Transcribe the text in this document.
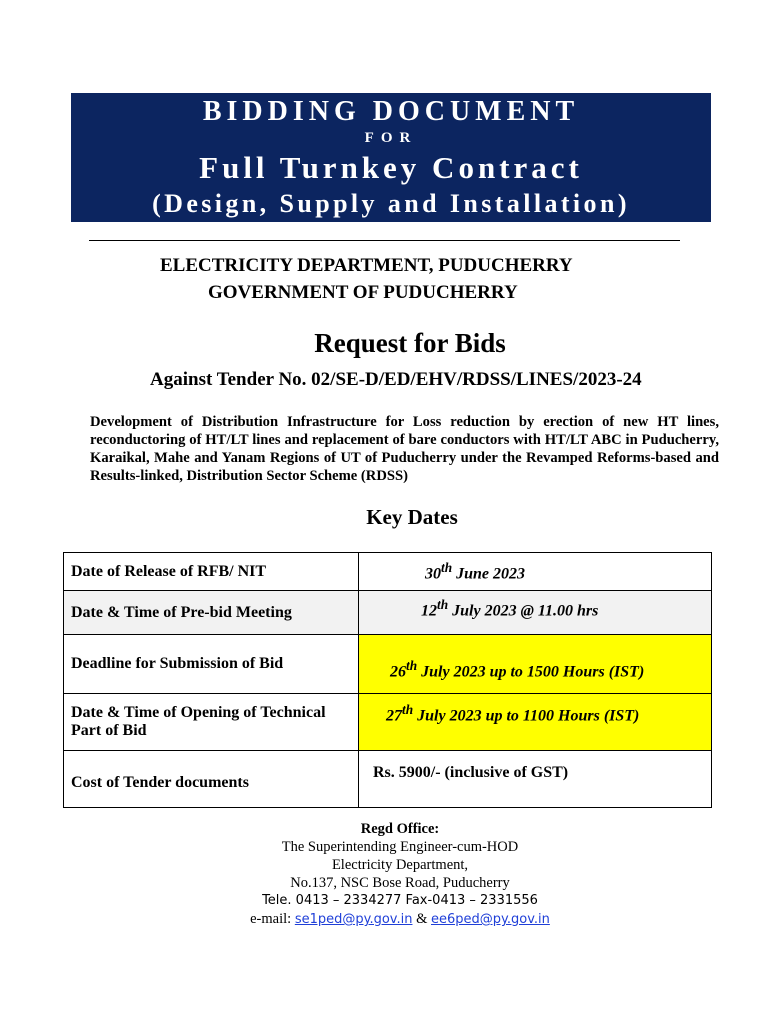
BIDDING DOCUMENT
FOR
Full Turnkey Contract
(Design, Supply and Installation)
ELECTRICITY DEPARTMENT, PUDUCHERRY
GOVERNMENT OF PUDUCHERRY
Request for Bids
Against Tender No. 02/SE-D/ED/EHV/RDSS/LINES/2023-24
Development of Distribution Infrastructure for Loss reduction by erection of new HT lines, reconductoring of HT/LT lines and replacement of bare conductors with HT/LT ABC in Puducherry, Karaikal, Mahe and Yanam Regions of UT of Puducherry under the Revamped Reforms-based and Results-linked, Distribution Sector Scheme (RDSS)
Key Dates
Date of Release of RFB/ NIT	30th June 2023
Date & Time of Pre-bid Meeting	12th July 2023 @ 11.00 hrs
Deadline for Submission of Bid	26th July 2023 up to 1500 Hours (IST)
Date & Time of Opening of Technical Part of Bid	27th July 2023 up to 1100 Hours (IST)
Cost of Tender documents	Rs. 5900/- (inclusive of GST)
Regd Office:
The Superintending Engineer-cum-HOD
Electricity Department,
No.137, NSC Bose Road, Puducherry
Tele. 0413 – 2334277 Fax-0413 – 2331556
e-mail: se1ped@py.gov.in & ee6ped@py.gov.in
